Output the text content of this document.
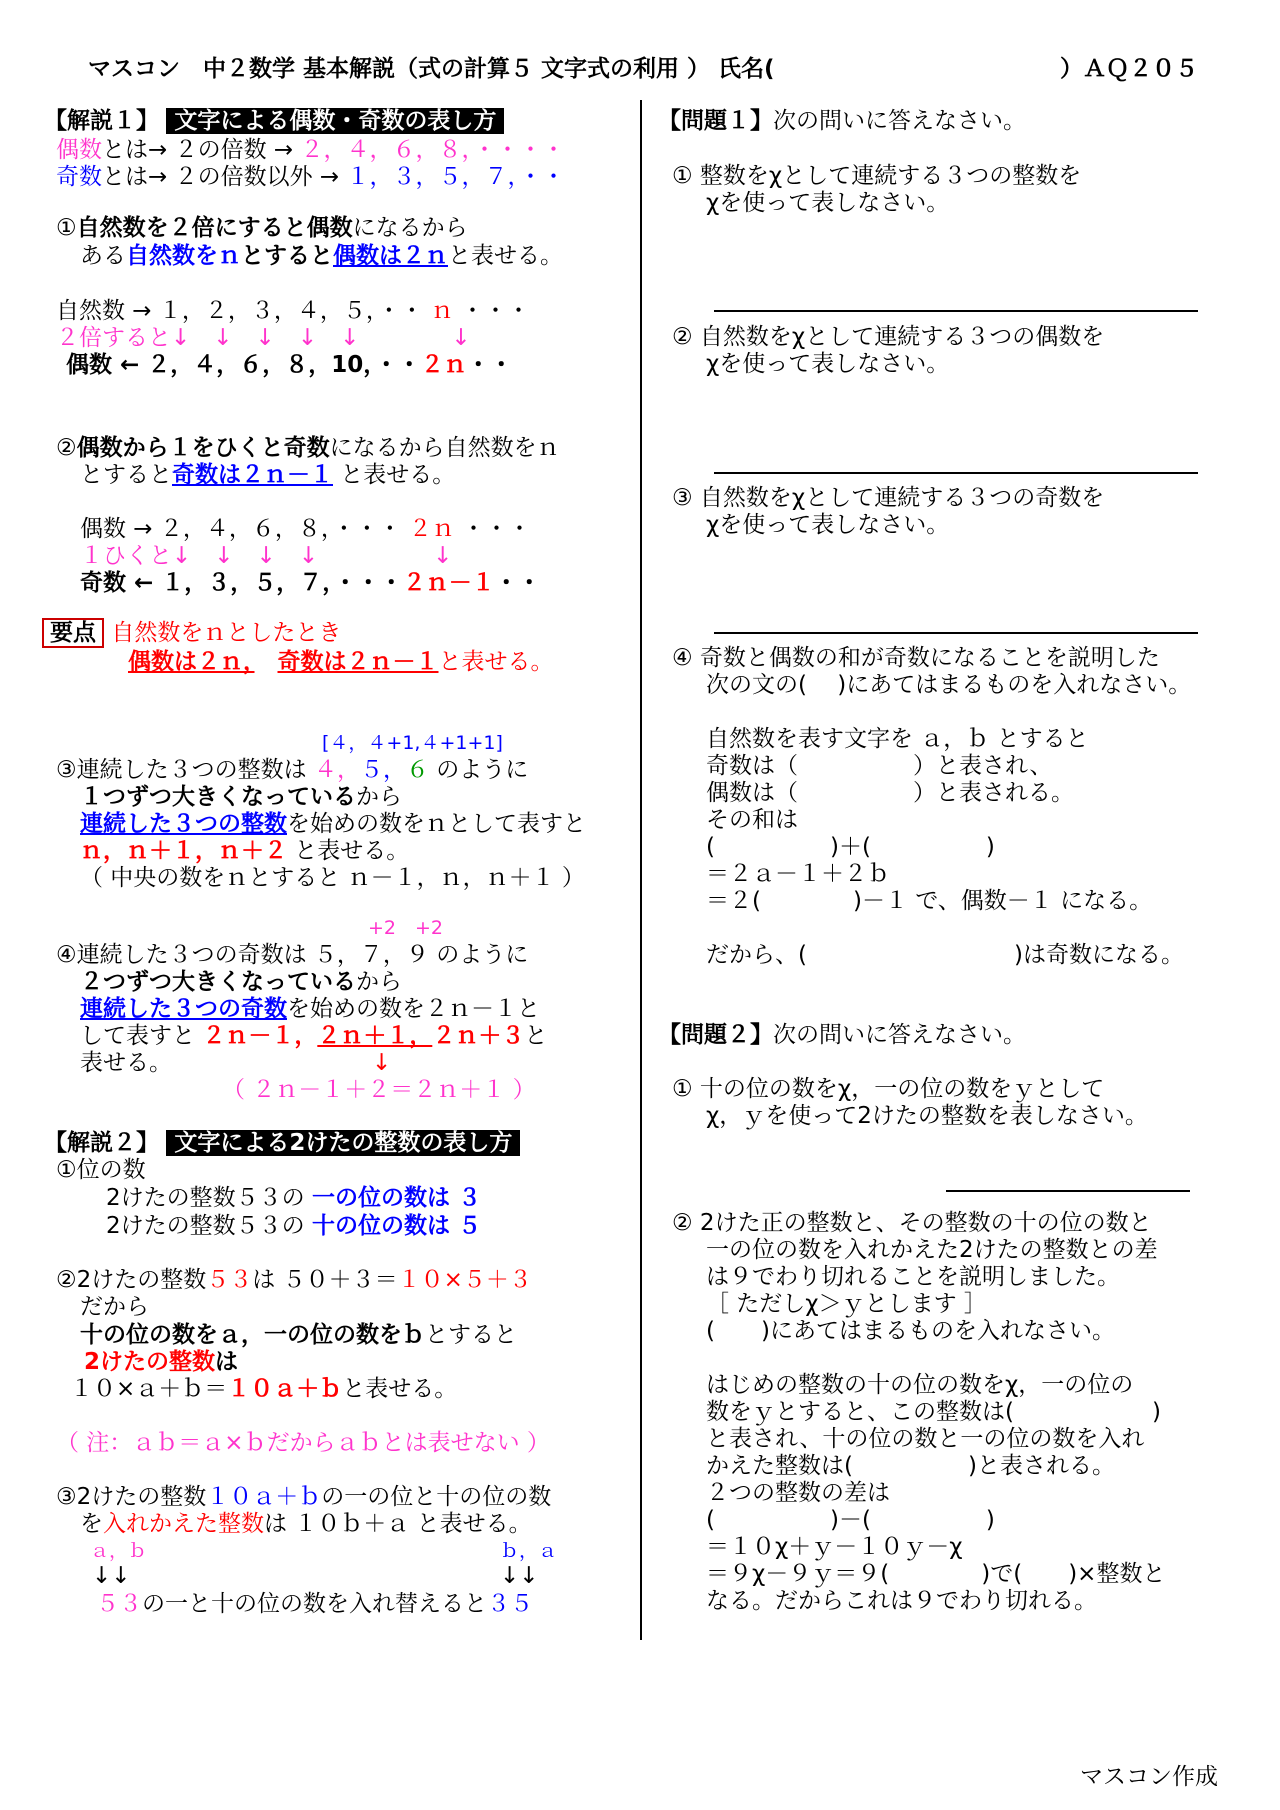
マスコン　中２数学 基本解説（式の計算５ 文字式の利用 ） 氏名(	）ＡＱ２０５
【解説１】 文字による偶数・奇数の表し方
偶数とは→ ２の倍数 → ２，４，６，８，・・・・
奇数とは→ ２の倍数以外 → １，３，５，７，・・
①自然数を２倍にすると偶数になるから
ある自然数をｎとすると偶数は２ｎと表せる。
自然数 → １，２，３，４，５，・・ ｎ ・・・
２倍すると↓　↓　↓　↓　↓　　　　↓
偶数 ← ２，４，６，８，10，・・２ｎ・・
②偶数から１をひくと奇数になるから自然数をｎ
とすると奇数は２ｎ－１ と表せる。
偶数 → ２，４，６，８，・・・ ２ｎ ・・・
１ひくと↓　↓　↓　↓　　　　　↓
奇数 ← １，３，５，７，・・・２ｎ－１・・
要点 自然数をｎとしたとき
偶数は２ｎ，　 奇数は２ｎ－１と表せる。
[４，４+1,４+1+1]
③連続した３つの整数は ４，５，６ のように
１つずつ大きくなっているから
連続した３つの整数を始めの数をｎとして表すと
ｎ，ｎ＋１，ｎ＋２ と表せる。
（ 中央の数をｎとすると ｎ－１，ｎ，ｎ＋１ ）
+2　+2
④連続した３つの奇数は ５，７，９ のように
２つずつ大きくなっているから
連続した３つの奇数を始めの数を２ｎ－１と
して表すと ２ｎ－１，２ｎ＋１，２ｎ＋３と
表せる。	↓
（ ２ｎ－１＋２＝２ｎ＋１ ）
【解説２】 文字による2けたの整数の表し方
①位の数
2けたの整数５３の 一の位の数は ３
2けたの整数５３の 十の位の数は ５
②2けたの整数５３は ５０＋３＝１０×５＋３
だから
十の位の数をａ，一の位の数をｂとすると
2けたの整数は
１０×ａ＋ｂ＝１０ａ＋ｂと表せる。
（ 注：ａｂ＝ａ×ｂだからａｂとは表せない ）
③2けたの整数１０ａ＋ｂの一の位と十の位の数
を入れかえた整数は １０ｂ＋ａ と表せる。
ａ，ｂ	ｂ，ａ
↓↓	↓↓
５３の一と十の位の数を入れ替えると３５
【問題１】次の問いに答えなさい。
① 整数をχとして連続する３つの整数を
χを使って表しなさい。
② 自然数をχとして連続する３つの偶数を
χを使って表しなさい。
③ 自然数をχとして連続する３つの奇数を
χを使って表しなさい。
④ 奇数と偶数の和が奇数になることを説明した
次の文の(　 )にあてはまるものを入れなさい。
自然数を表す文字を ａ，ｂ とすると
奇数は（　　　　　）と表され、
偶数は（　　　　　）と表される。
その和は
(　　　　　)＋(　　　　　)
＝２ａ－１＋２ｂ
＝２(　　　　)－１ で、偶数－１ になる。
だから、(　　　　　　　　　)は奇数になる。
【問題２】次の問いに答えなさい。
① 十の位の数をχ，一の位の数をｙとして
χ，ｙを使って2けたの整数を表しなさい。
② 2けた正の整数と、その整数の十の位の数と
一の位の数を入れかえた2けたの整数との差
は９でわり切れることを説明しました。
［ ただしχ＞ｙとします ］
(　　)にあてはまるものを入れなさい。
はじめの整数の十の位の数をχ，一の位の
数をｙとすると、この整数は(　　　　　　)
と表され、十の位の数と一の位の数を入れ
かえた整数は(　　　　　)と表される。
２つの整数の差は
(　　　　　)－(　　　　　)
＝１０χ＋ｙ－１０ｙ－χ
＝９χ－９ｙ＝９(　　　　)で(　　)×整数と
なる。だからこれは９でわり切れる。
マスコン作成
